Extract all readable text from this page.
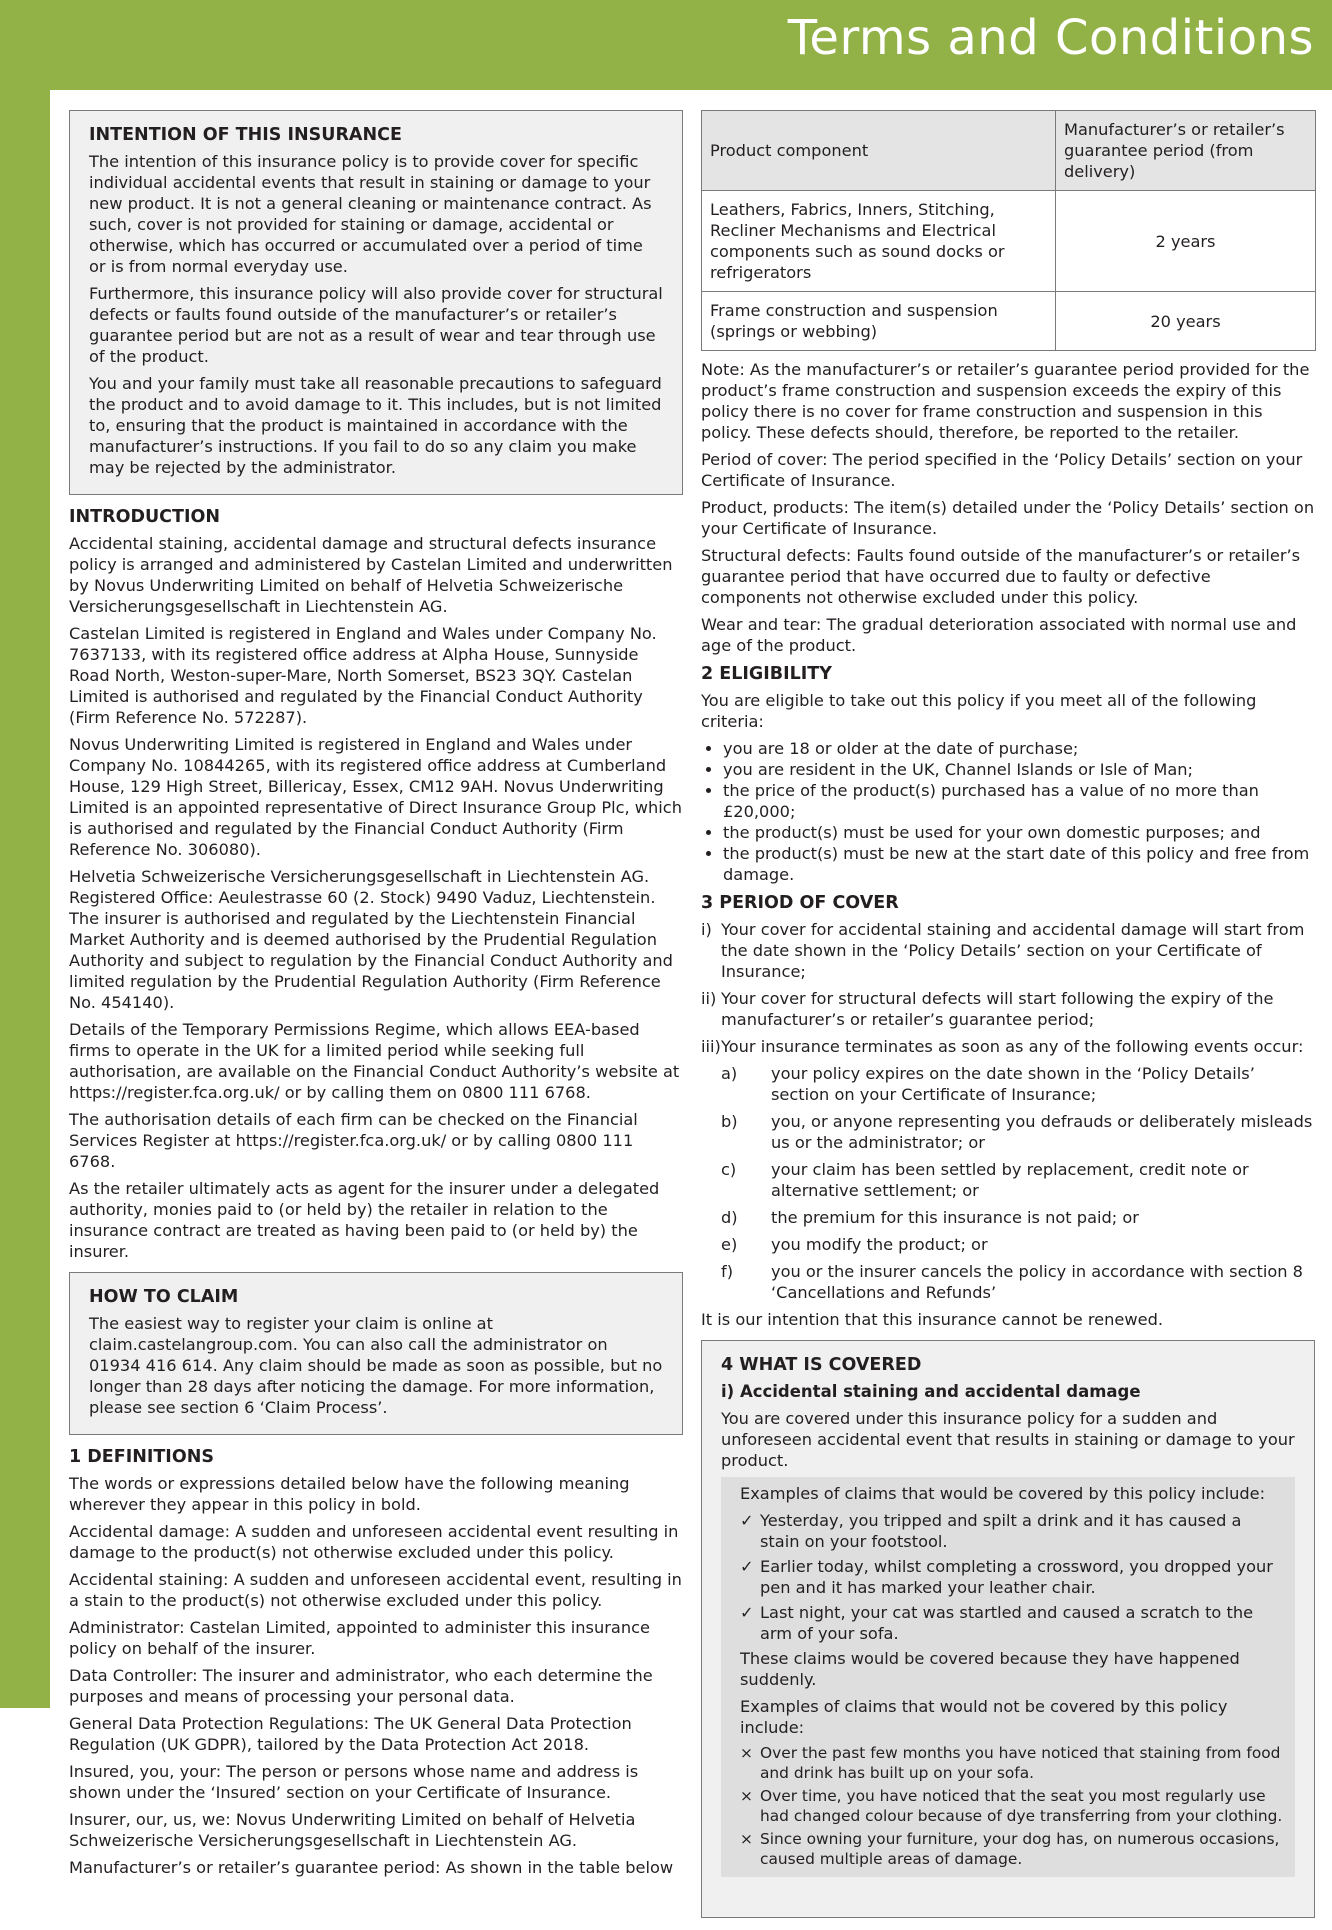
Terms and Conditions
INTENTION OF THIS INSURANCE

The intention of this insurance policy is to provide cover for specific individual accidental events that result in staining or damage to your new product. It is not a general cleaning or maintenance contract. As such, cover is not provided for staining or damage, accidental or otherwise, which has occurred or accumulated over a period of time or is from normal everyday use.

Furthermore, this insurance policy will also provide cover for structural defects or faults found outside of the manufacturer’s or retailer’s guarantee period but are not as a result of wear and tear through use of the product.

You and your family must take all reasonable precautions to safeguard the product and to avoid damage to it. This includes, but is not limited to, ensuring that the product is maintained in accordance with the manufacturer’s instructions. If you fail to do so any claim you make may be rejected by the administrator.

INTRODUCTION

Accidental staining, accidental damage and structural defects insurance policy is arranged and administered by Castelan Limited and underwritten by Novus Underwriting Limited on behalf of Helvetia Schweizerische Versicherungsgesellschaft in Liechtenstein AG.

Castelan Limited is registered in England and Wales under Company No. 7637133, with its registered office address at Alpha House, Sunnyside Road North, Weston-super-Mare, North Somerset, BS23 3QY. Castelan Limited is authorised and regulated by the Financial Conduct Authority (Firm Reference No. 572287).

Novus Underwriting Limited is registered in England and Wales under Company No. 10844265, with its registered office address at Cumberland House, 129 High Street, Billericay, Essex, CM12 9AH. Novus Underwriting Limited is an appointed representative of Direct Insurance Group Plc, which is authorised and regulated by the Financial Conduct Authority (Firm Reference No. 306080).

Helvetia Schweizerische Versicherungsgesellschaft in Liechtenstein AG. Registered Office: Aeulestrasse 60 (2. Stock) 9490 Vaduz, Liechtenstein. The insurer is authorised and regulated by the Liechtenstein Financial Market Authority and is deemed authorised by the Prudential Regulation Authority and subject to regulation by the Financial Conduct Authority and limited regulation by the Prudential Regulation Authority (Firm Reference No. 454140).

Details of the Temporary Permissions Regime, which allows EEA-based firms to operate in the UK for a limited period while seeking full authorisation, are available on the Financial Conduct Authority’s website at https://register.fca.org.uk/ or by calling them on 0800 111 6768.

The authorisation details of each firm can be checked on the Financial Services Register at https://register.fca.org.uk/ or by calling 0800 111 6768.

As the retailer ultimately acts as agent for the insurer under a delegated authority, monies paid to (or held by) the retailer in relation to the insurance contract are treated as having been paid to (or held by) the insurer.

HOW TO CLAIM

The easiest way to register your claim is online at claim.castelangroup.com. You can also call the administrator on 01934 416 614. Any claim should be made as soon as possible, but no longer than 28 days after noticing the damage. For more information, please see section 6 ‘Claim Process’.

1 DEFINITIONS

The words or expressions detailed below have the following meaning wherever they appear in this policy in bold.

Accidental damage: A sudden and unforeseen accidental event resulting in damage to the product(s) not otherwise excluded under this policy.

Accidental staining: A sudden and unforeseen accidental event, resulting in a stain to the product(s) not otherwise excluded under this policy.

Administrator: Castelan Limited, appointed to administer this insurance policy on behalf of the insurer.

Data Controller: The insurer and administrator, who each determine the purposes and means of processing your personal data.

General Data Protection Regulations: The UK General Data Protection Regulation (UK GDPR), tailored by the Data Protection Act 2018.

Insured, you, your: The person or persons whose name and address is shown under the ‘Insured’ section on your Certificate of Insurance.

Insurer, our, us, we: Novus Underwriting Limited on behalf of Helvetia Schweizerische Versicherungsgesellschaft in Liechtenstein AG.

Manufacturer’s or retailer’s guarantee period: As shown in the table below

Product component	Manufacturer’s or retailer’s guarantee period (from delivery)
Leathers, Fabrics, Inners, Stitching, Recliner Mechanisms and Electrical components such as sound docks or refrigerators	2 years
Frame construction and suspension (springs or webbing)	20 years

Note: As the manufacturer’s or retailer’s guarantee period provided for the product’s frame construction and suspension exceeds the expiry of this policy there is no cover for frame construction and suspension in this policy. These defects should, therefore, be reported to the retailer.

Period of cover: The period specified in the ‘Policy Details’ section on your Certificate of Insurance.

Product, products: The item(s) detailed under the ‘Policy Details’ section on your Certificate of Insurance.

Structural defects: Faults found outside of the manufacturer’s or retailer’s guarantee period that have occurred due to faulty or defective components not otherwise excluded under this policy.

Wear and tear: The gradual deterioration associated with normal use and age of the product.

2 ELIGIBILITY

You are eligible to take out this policy if you meet all of the following criteria:

• you are 18 or older at the date of purchase;
• you are resident in the UK, Channel Islands or Isle of Man;
• the price of the product(s) purchased has a value of no more than £20,000;
• the product(s) must be used for your own domestic purposes; and
• the product(s) must be new at the start date of this policy and free from damage.
3 PERIOD OF COVER
i) Your cover for accidental staining and accidental damage will start from the date shown in the ‘Policy Details’ section on your Certificate of Insurance;
ii) Your cover for structural defects will start following the expiry of the manufacturer’s or retailer’s guarantee period;
iii) Your insurance terminates as soon as any of the following events occur:
a) your policy expires on the date shown in the ‘Policy Details’ section on your Certificate of Insurance;
b) you, or anyone representing you defrauds or deliberately misleads us or the administrator; or
c) your claim has been settled by replacement, credit note or alternative settlement; or
d) the premium for this insurance is not paid; or
e) you modify the product; or
f) you or the insurer cancels the policy in accordance with section 8 ‘Cancellations and Refunds’

It is our intention that this insurance cannot be renewed.

4 WHAT IS COVERED

i) Accidental staining and accidental damage

You are covered under this insurance policy for a sudden and unforeseen accidental event that results in staining or damage to your product.

Examples of claims that would be covered by this policy include:

✓ Yesterday, you tripped and spilt a drink and it has caused a stain on your footstool.
✓ Earlier today, whilst completing a crossword, you dropped your pen and it has marked your leather chair.
✓ Last night, your cat was startled and caused a scratch to the arm of your sofa.

These claims would be covered because they have happened suddenly.

Examples of claims that would not be covered by this policy include:

× Over the past few months you have noticed that staining from food and drink has built up on your sofa.
× Over time, you have noticed that the seat you most regularly use had changed colour because of dye transferring from your clothing.
× Since owning your furniture, your dog has, on numerous occasions, caused multiple areas of damage.
